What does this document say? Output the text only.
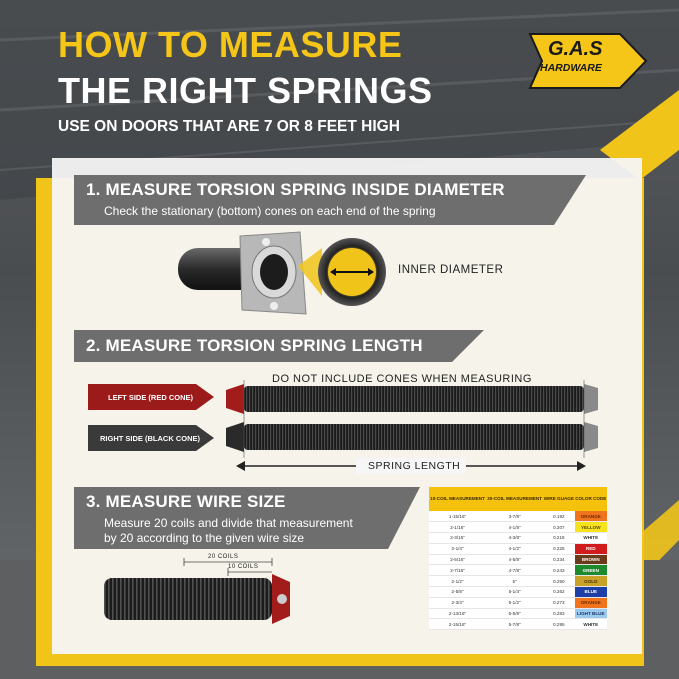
HOW TO MEASURE
THE RIGHT SPRINGS
USE ON DOORS THAT ARE 7 OR 8 FEET HIGH
G.A.S
HARDWARE
1. MEASURE TORSION SPRING INSIDE DIAMETER
Check the stationary (bottom) cones on each end of the spring
INNER DIAMETER
2. MEASURE TORSION SPRING LENGTH
DO NOT INCLUDE CONES WHEN MEASURING
LEFT SIDE (RED CONE)
RIGHT SIDE (BLACK CONE)
SPRING LENGTH
3. MEASURE WIRE SIZE
Measure 20 coils and divide that measurement
by 20 according to the given wire size
20 COILS
10 COILS
10-COIL MEASUREMENT	20-COIL MEASUREMENT	WIRE GUAGE	COLOR CODE
1-15/16"	3-7/8"	0.192	ORANGE
2-1/16"	4-1/8"	0.207	YELLOW
2-3/16"	4-3/8"	0.218	WHITE
2-1/4"	4-1/2"	0.225	RED
2-5/16"	4-5/8"	0.234	BROWN
2-7/16"	4-7/8"	0.243	GREEN
2-1/2"	5"	0.250	GOLD
2-5/8"	5-1/4"	0.262	BLUE
2-3/4"	5-1/2"	0.273	ORANGE
2-13/16"	5-5/8"	0.283	LIGHT BLUE
2-15/16"	5-7/8"	0.295	WHITE
